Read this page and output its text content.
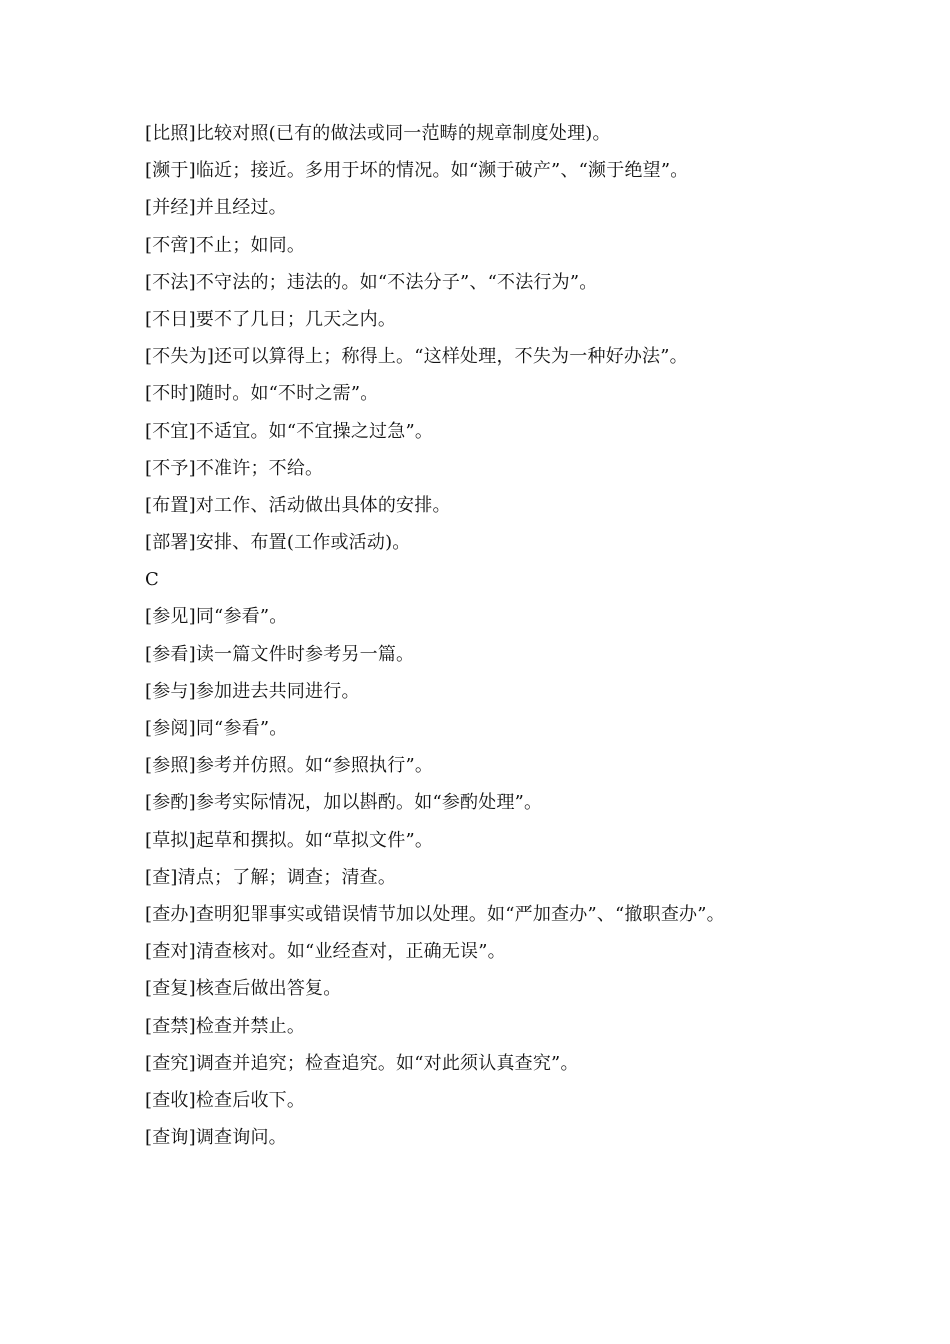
[比照]比较对照(已有的做法或同一范畴的规章制度处理)。
[濒于]临近；接近。多用于坏的情况。如“濒于破产”、“濒于绝望”。
[并经]并且经过。
[不啻]不止；如同。
[不法]不守法的；违法的。如“不法分子”、“不法行为”。
[不日]要不了几日；几天之内。
[不失为]还可以算得上；称得上。“这样处理，不失为一种好办法”。
[不时]随时。如“不时之需”。
[不宜]不适宜。如“不宜操之过急”。
[不予]不准许；不给。
[布置]对工作、活动做出具体的安排。
[部署]安排、布置(工作或活动)。
C
[参见]同“参看”。
[参看]读一篇文件时参考另一篇。
[参与]参加进去共同进行。
[参阅]同“参看”。
[参照]参考并仿照。如“参照执行”。
[参酌]参考实际情况，加以斟酌。如“参酌处理”。
[草拟]起草和撰拟。如“草拟文件”。
[查]清点；了解；调查；清查。
[查办]查明犯罪事实或错误情节加以处理。如“严加查办”、“撤职查办”。
[查对]清查核对。如“业经查对，正确无误”。
[查复]核查后做出答复。
[查禁]检查并禁止。
[查究]调查并追究；检查追究。如“对此须认真查究”。
[查收]检查后收下。
[查询]调查询问。
